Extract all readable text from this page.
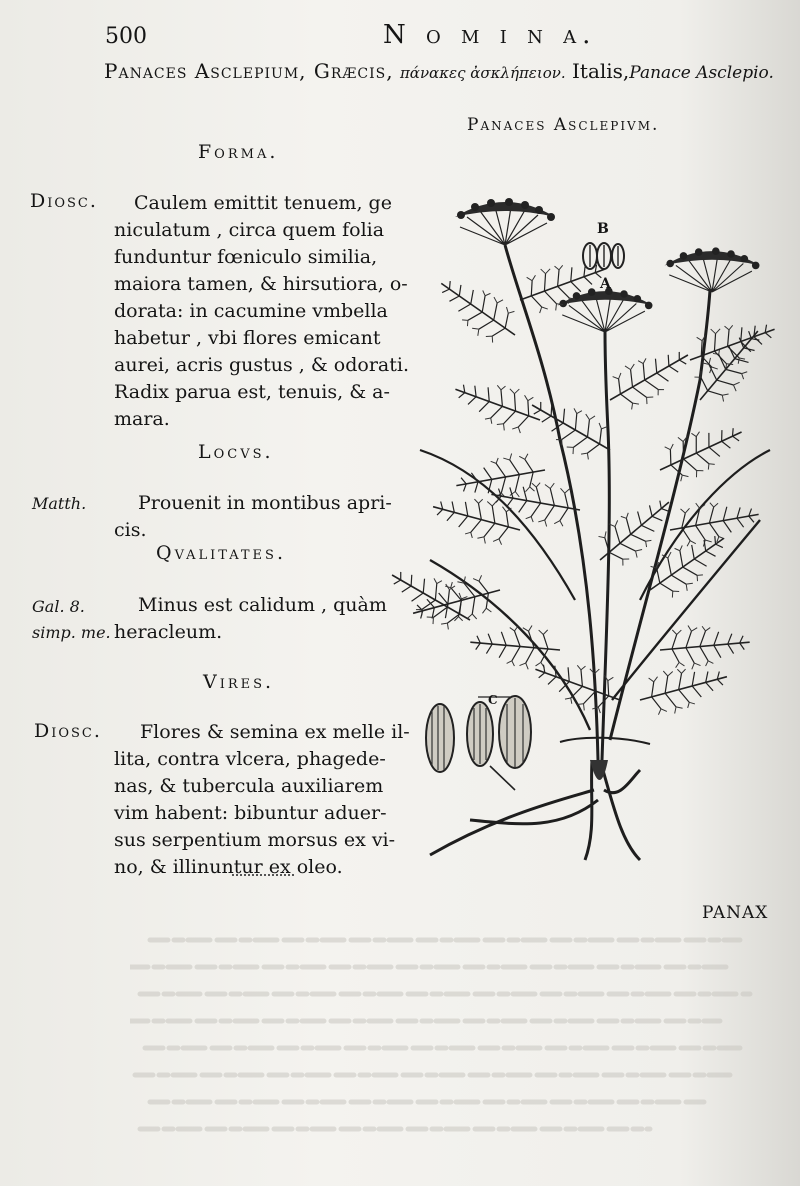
500	N o m i n a.
Panaces Asclepium, Græcis, πάνακες ἀσκλήπειον. Italis,Panace Asclepio.
Panaces Asclepivm.
Forma.
Diosc.	Caulem emittit tenuem, ge
niculatum , circa quem folia
funduntur fœniculo similia,
maiora tamen, & hirsutiora, o-
dorata: in cacumine vmbella
habetur , vbi flores emicant
aurei, acris gustus , & odorati.
Radix parua est, tenuis, & a-
mara.
Locvs.
Matth.	Prouenit in montibus apri-
cis.
Qvalitates.
Gal. 8.
simp. me.
Minus est calidum , quàm
heracleum.
Vires.
Diosc.	Flores & semina ex melle il-
lita, contra vlcera, phagede-
nas, & tubercula auxiliarem
vim habent: bibuntur aduer-
sus serpentium morsus ex vi-
no, & illinuntur ex oleo.
B
A
C
PANAX
